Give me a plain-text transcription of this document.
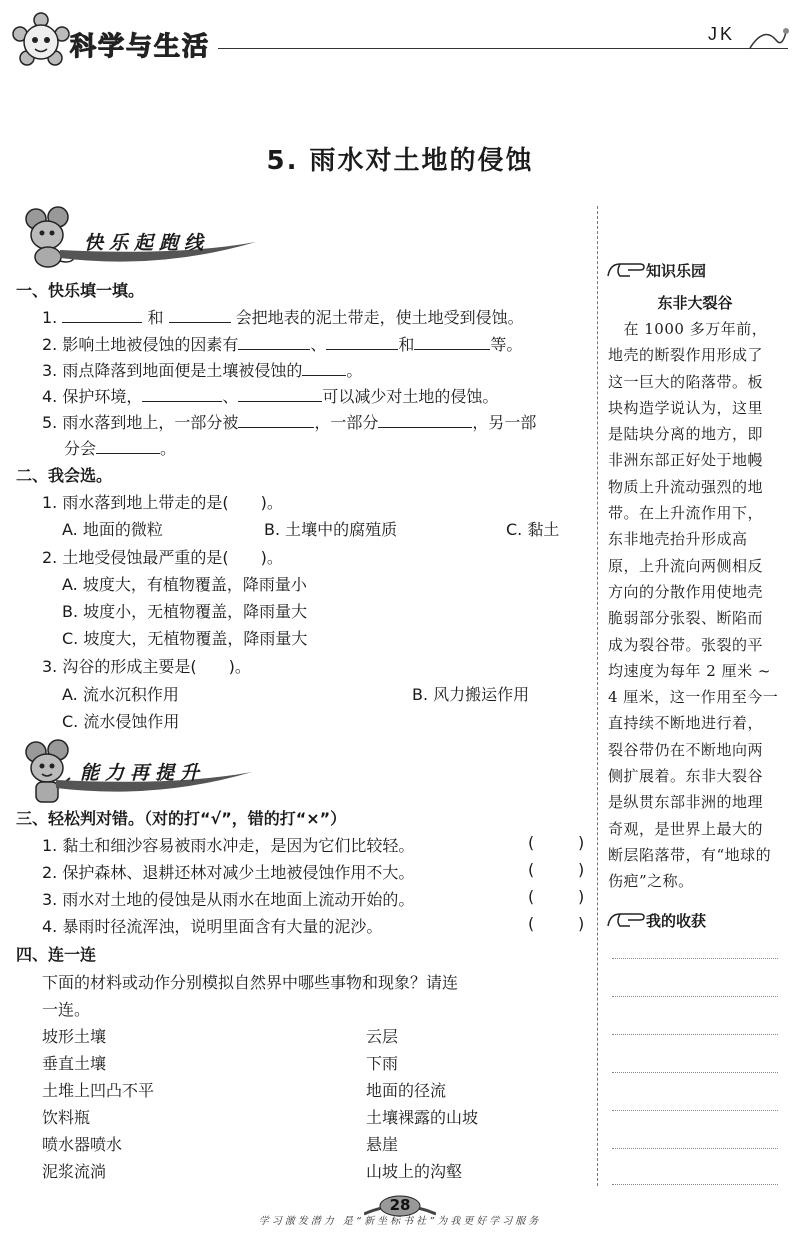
科学与生活	JK
5. 雨水对土地的侵蚀
快乐起跑线
一、快乐填一填。
1.	和	会把地表的泥土带走，使土地受到侵蚀。
2. 影响土地被侵蚀的因素有	、	和	等。
3. 雨点降落到地面便是土壤被侵蚀的	。
4. 保护环境，	、	可以减少对土地的侵蚀。
5. 雨水落到地上，一部分被	，一部分	，另一部
分会	。
二、我会选。
1. 雨水落到地上带走的是(　　)。
A. 地面的微粒	B. 土壤中的腐殖质	C. 黏土
2. 土地受侵蚀最严重的是(　　)。
A. 坡度大，有植物覆盖，降雨量小
B. 坡度小，无植物覆盖，降雨量大
C. 坡度大，无植物覆盖，降雨量大
3. 沟谷的形成主要是(　　)。
A. 流水沉积作用	B. 风力搬运作用
C. 流水侵蚀作用
能力再提升
三、轻松判对错。（对的打“√”，错的打“×”）
1. 黏土和细沙容易被雨水冲走，是因为它们比较轻。	(	)
2. 保护森林、退耕还林对减少土地被侵蚀作用不大。	(	)
3. 雨水对土地的侵蚀是从雨水在地面上流动开始的。	(	)
4. 暴雨时径流浑浊，说明里面含有大量的泥沙。	(	)
四、连一连
下面的材料或动作分别模拟自然界中哪些事物和现象？请连
一连。
坡形土壤
垂直土壤
土堆上凹凸不平
饮料瓶
喷水器喷水
泥浆流淌
云层
下雨
地面的径流
土壤裸露的山坡
悬崖
山坡上的沟壑
知识乐园
东非大裂谷
　在 1000 多万年前，
地壳的断裂作用形成了
这一巨大的陷落带。板
块构造学说认为，这里
是陆块分离的地方，即
非洲东部正好处于地幔
物质上升流动强烈的地
带。在上升流作用下，
东非地壳抬升形成高
原，上升流向两侧相反
方向的分散作用使地壳
脆弱部分张裂、断陷而
成为裂谷带。张裂的平
均速度为每年 2 厘米 ~
4 厘米，这一作用至今一
直持续不断地进行着，
裂谷带仍在不断地向两
侧扩展着。东非大裂谷
是纵贯东部非洲的地理
奇观，是世界上最大的
断层陷落带，有“地球的
伤疤”之称。
我的收获
28
学习激发潜力 是“新坐标书社”为我更好学习服务
